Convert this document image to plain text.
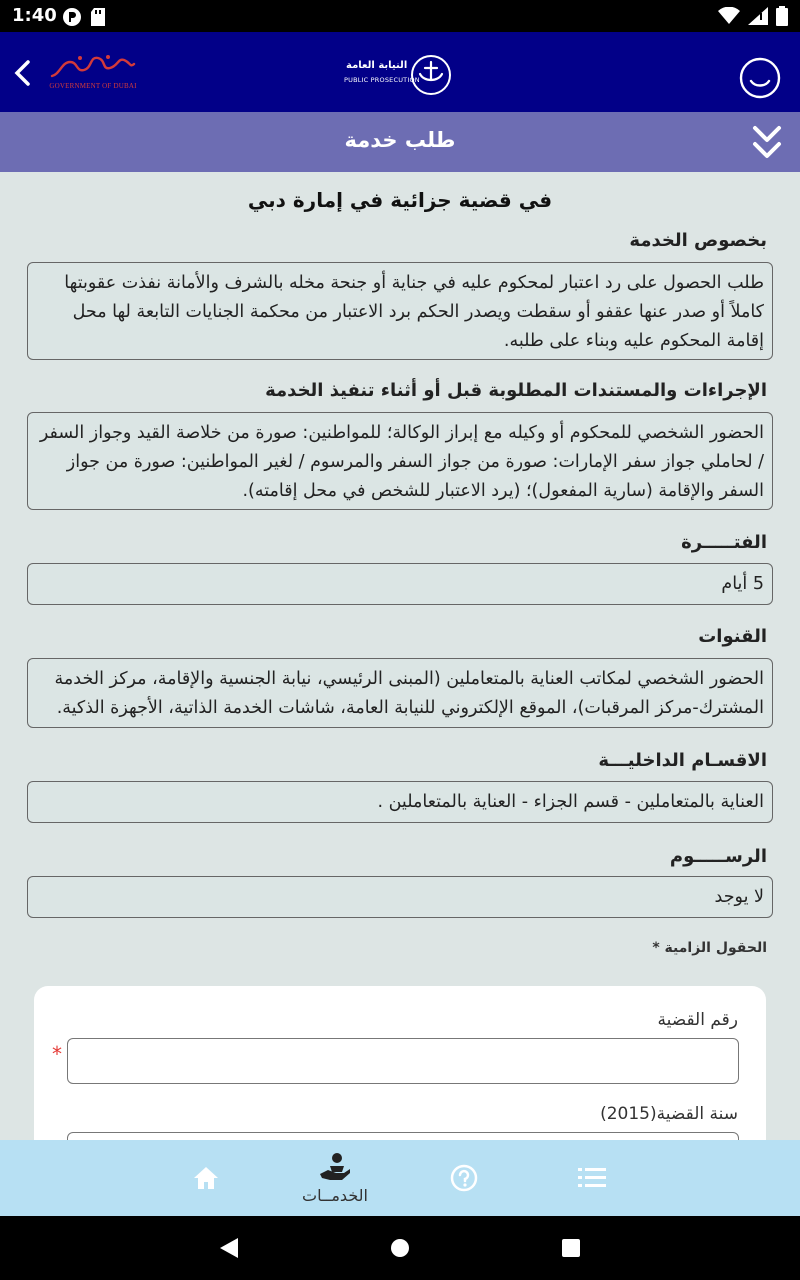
1:40
GOVERNMENT OF DUBAI
النيابة العامة
PUBLIC PROSECUTION
طلب خدمة
في قضية جزائية في إمارة دبي
بخصوص الخدمة
طلب الحصول على رد اعتبار لمحكوم عليه في جناية أو جنحة مخله بالشرف والأمانة نفذت عقوبتها كاملاً أو صدر عنها عقفو أو سقطت ويصدر الحكم برد الاعتبار من محكمة الجنايات التابعة لها محل إقامة المحكوم عليه وبناء على طلبه.
الإجراءات والمستندات المطلوبة قبل أو أثناء تنفيذ الخدمة
الحضور الشخصي للمحكوم أو وكيله مع إبراز الوكالة؛ للمواطنين: صورة من خلاصة القيد وجواز السفر / لحاملي جواز سفر الإمارات: صورة من جواز السفر والمرسوم / لغير المواطنين: صورة من جواز السفر والإقامة (سارية المفعول)؛ (يرد الاعتبار للشخص في محل إقامته).
الفتـــــرة
5 أيام
القنوات
الحضور الشخصي لمكاتب العناية بالمتعاملين (المبنى الرئيسي، نيابة الجنسية والإقامة، مركز الخدمة المشترك-مركز المرقبات)، الموقع الإلكتروني للنيابة العامة، شاشات الخدمة الذاتية، الأجهزة الذكية.
الاقسـام الداخليـــة
العناية بالمتعاملين - قسم الجزاء - العناية بالمتعاملين .
الرســـــوم
لا يوجد
الحقول الزامية *
رقم القضية
*
سنة القضية(2015)
الخدمــات
